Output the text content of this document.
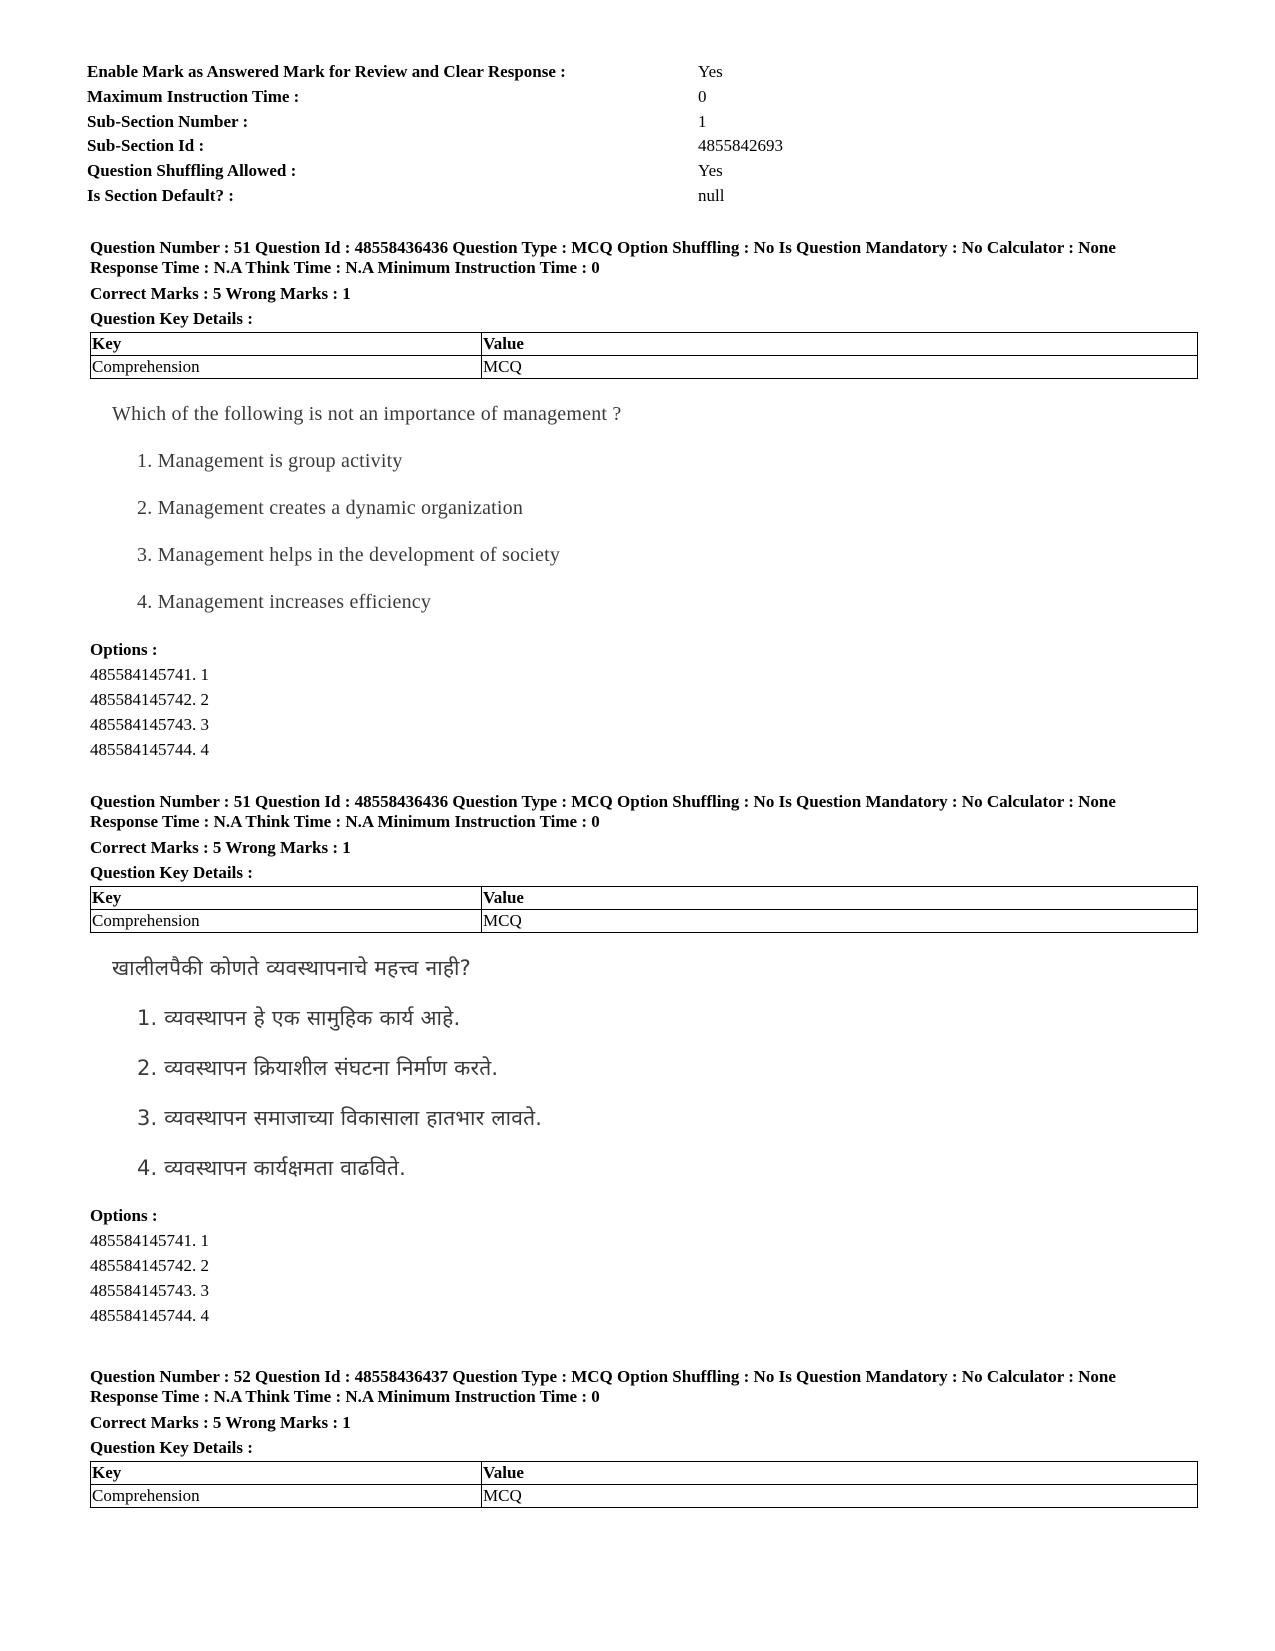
Enable Mark as Answered Mark for Review and Clear Response :	Yes
Maximum Instruction Time :	0
Sub-Section Number :	1
Sub-Section Id :	4855842693
Question Shuffling Allowed :	Yes
Is Section Default? :	null

Question Number : 51 Question Id : 48558436436 Question Type : MCQ Option Shuffling : No Is Question Mandatory : No Calculator : None

Response Time : N.A Think Time : N.A Minimum Instruction Time : 0

Correct Marks : 5 Wrong Marks : 1

Question Key Details :

Key	Value
Comprehension	MCQ

Which of the following is not an importance of management ?

1. Management is group activity

2. Management creates a dynamic organization

3. Management helps in the development of society

4. Management increases efficiency

Options :

485584145741. 1

485584145742. 2

485584145743. 3

485584145744. 4

Question Number : 51 Question Id : 48558436436 Question Type : MCQ Option Shuffling : No Is Question Mandatory : No Calculator : None

Response Time : N.A Think Time : N.A Minimum Instruction Time : 0

Correct Marks : 5 Wrong Marks : 1

Question Key Details :

Key	Value
Comprehension	MCQ

खालीलपैकी कोणते व्यवस्थापनाचे महत्त्व नाही?

1. व्यवस्थापन हे एक सामुहिक कार्य आहे.

2. व्यवस्थापन क्रियाशील संघटना निर्माण करते.

3. व्यवस्थापन समाजाच्या विकासाला हातभार लावते.

4. व्यवस्थापन कार्यक्षमता वाढविते.

Options :

485584145741. 1

485584145742. 2

485584145743. 3

485584145744. 4

Question Number : 52 Question Id : 48558436437 Question Type : MCQ Option Shuffling : No Is Question Mandatory : No Calculator : None

Response Time : N.A Think Time : N.A Minimum Instruction Time : 0

Correct Marks : 5 Wrong Marks : 1

Question Key Details :

Key	Value
Comprehension	MCQ
